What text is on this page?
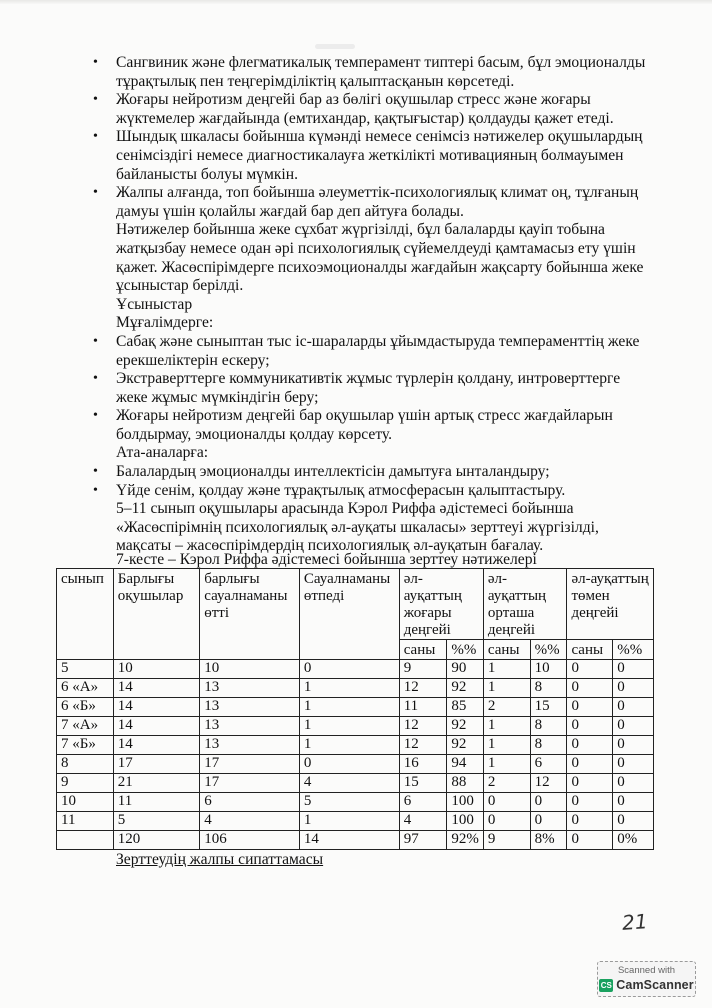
• Сангвиник және флегматикалық темперамент типтері басым, бұл эмоционалды тұрақтылық пен теңгерімділіктің қалыптасқанын көрсетеді.
• Жоғары нейротизм деңгейі бар аз бөлігі оқушылар стресс және жоғары жүктемелер жағдайында (емтихандар, қақтығыстар) қолдауды қажет етеді.
• Шындық шкаласы бойынша күмәнді немесе сенімсіз нәтижелер оқушылардың сенімсіздігі немесе диагностикалауға жеткілікті мотивацияның болмауымен байланысты болуы мүмкін.
• Жалпы алғанда, топ бойынша әлеуметтік-психологиялық климат оң, тұлғаның дамуы үшін қолайлы жағдай бар деп айтуға болады.
Нәтижелер бойынша жеке сұхбат жүргізілді, бұл балаларды қауіп тобына жатқызбау немесе одан әрі психологиялық сүйемелдеуді қамтамасыз ету үшін қажет. Жасөспірімдерге психоэмоционалды жағдайын жақсарту бойынша жеке ұсыныстар берілді.
Ұсыныстар
Мұғалімдерге:
• Сабақ және сыныптан тыс іс-шараларды ұйымдастыруда темпераменттің жеке ерекшеліктерін ескеру;
• Экстраверттерге коммуникативтік жұмыс түрлерін қолдану, интроверттерге жеке жұмыс мүмкіндігін беру;
• Жоғары нейротизм деңгейі бар оқушылар үшін артық стресс жағдайларын болдырмау, эмоционалды қолдау көрсету.
Ата-аналарға:
• Балалардың эмоционалды интеллектісін дамытуға ынталандыру;
• Үйде сенім, қолдау және тұрақтылық атмосферасын қалыптастыру.
5–11 сынып оқушылары арасында Кэрол Риффа әдістемесі бойынша «Жасөспірімнің психологиялық әл-ауқаты шкаласы» зерттеуі жүргізілді, мақсаты – жасөспірімдердің психологиялық әл-ауқатын бағалау.
7-кесте – Кэрол Риффа әдістемесі бойынша зерттеу нәтижелері
сынып	Барлығы оқушылар	барлығы сауалнаманы өтті	Сауалнаманы өтпеді	әл-ауқаттың жоғары деңгейі		әл-ауқаттың орташа деңгейі		әл-ауқаттың төмен деңгейі	
				саны	%%	саны	%%	саны	%%
5	10	10	0	9	90	1	10	0	0
6 «А»	14	13	1	12	92	1	8	0	0
6 «Б»	14	13	1	11	85	2	15	0	0
7 «А»	14	13	1	12	92	1	8	0	0
7 «Б»	14	13	1	12	92	1	8	0	0
8	17	17	0	16	94	1	6	0	0
9	21	17	4	15	88	2	12	0	0
10	11	6	5	6	100	0	0	0	0
11	5	4	1	4	100	0	0	0	0
	120	106	14	97	92%	9	8%	0	0%
Зерттеудің жалпы сипаттамасы
21
Scanned with
CS CamScanner
